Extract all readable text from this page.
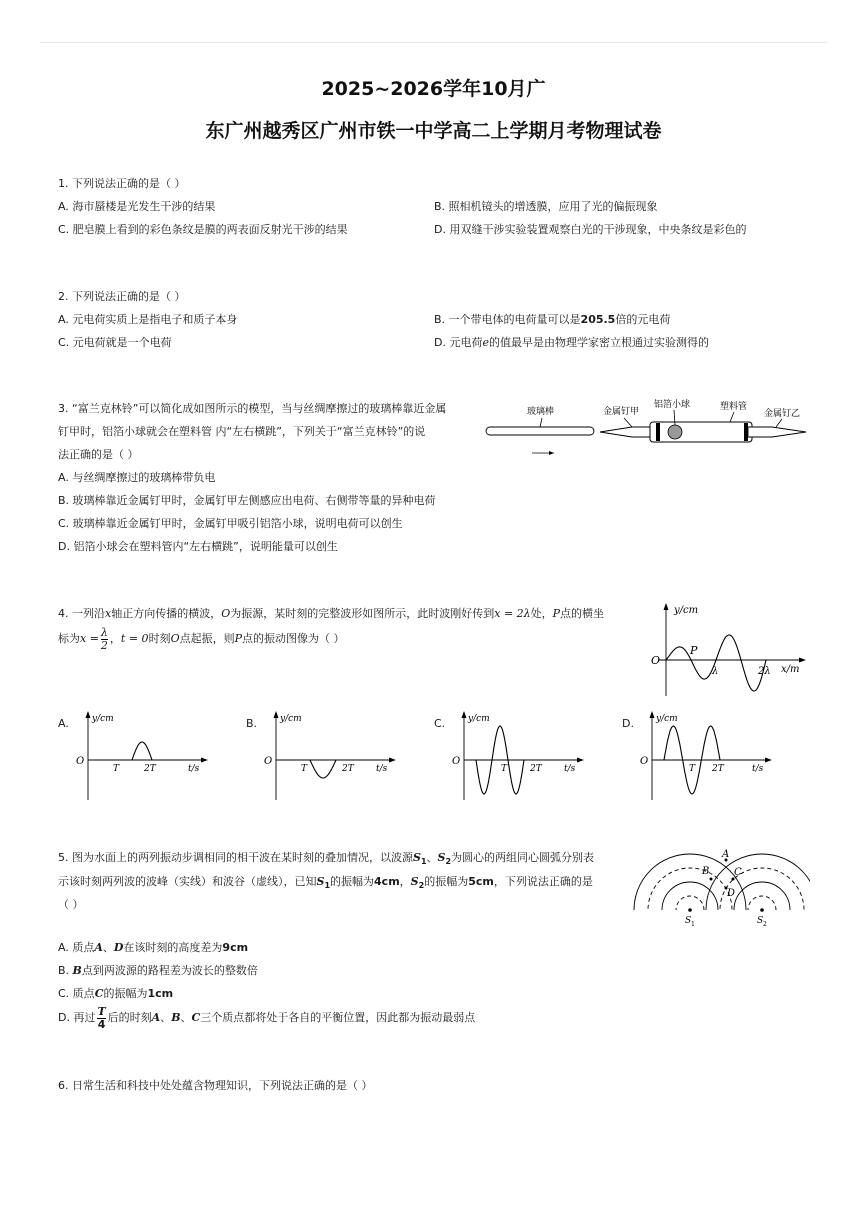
2025~2026学年10月广
东广州越秀区广州市铁一中学高二上学期月考物理试卷
1. 下列说法正确的是（ ）
A. 海市蜃楼是光发生干涉的结果	B. 照相机镜头的增透膜，应用了光的偏振现象
C. 肥皂膜上看到的彩色条纹是膜的两表面反射光干涉的结果	D. 用双缝干涉实验装置观察白光的干涉现象，中央条纹是彩色的
2. 下列说法正确的是（ ）
A. 元电荷实质上是指电子和质子本身	B. 一个带电体的电荷量可以是205.5倍的元电荷
C. 元电荷就是一个电荷	D. 元电荷e的值最早是由物理学家密立根通过实验测得的
3. “富兰克林铃”可以简化成如图所示的模型，当与丝绸摩擦过的玻璃棒靠近金属
钉甲时，铝箔小球就会在塑料管 内“左右横跳”，下列关于“富兰克林铃”的说
法正确的是（ ）
A. 与丝绸摩擦过的玻璃棒带负电
B. 玻璃棒靠近金属钉甲时，金属钉甲左侧感应出电荷、右侧带等量的异种电荷
C. 玻璃棒靠近金属钉甲时，金属钉甲吸引铝箔小球，说明电荷可以创生
D. 铝箔小球会在塑料管内“左右横跳”，说明能量可以创生
玻璃棒	金属钉甲
铝箔小球	塑料管
金属钉乙
4. 一列沿x轴正方向传播的横波，O为振源，某时刻的完整波形如图所示，此时波刚好传到x = 2λ处，P点的横坐
标为$x = \frac{\lambda}{2}$ ，t = 0时刻O点起振，则P点的振动图像为（ ）
y/cm
x/m
O
P
λ	2λ
A.	B.	C.	D.
y/cm
t/s
O
T	2T
y/cm
t/s
O
T	2T
y/cm
t/s
O
T	2T
y/cm
t/s
O
T 2T
5. 图为水面上的两列振动步调相同的相干波在某时刻的叠加情况，以波源$S_1$、$S_2$为圆心的两组同心圆弧分别表
示该时刻两列波的波峰（实线）和波谷（虚线），已知$S_1$的振幅为4cm，$S_2$的振幅为5cm，下列说法正确的是
（ ）
A. 质点A、D在该时刻的高度差为9cm
B. B点到两波源的路程差为波长的整数倍
C. 质点C的振幅为1cm
D. 再过 $\frac{T}{4}$ 后的时刻A、B、C三个质点都将处于各自的平衡位置，因此都为振动最弱点
A
B C
D
S 1	S 2
6. 日常生活和科技中处处蕴含物理知识，下列说法正确的是（ ）
